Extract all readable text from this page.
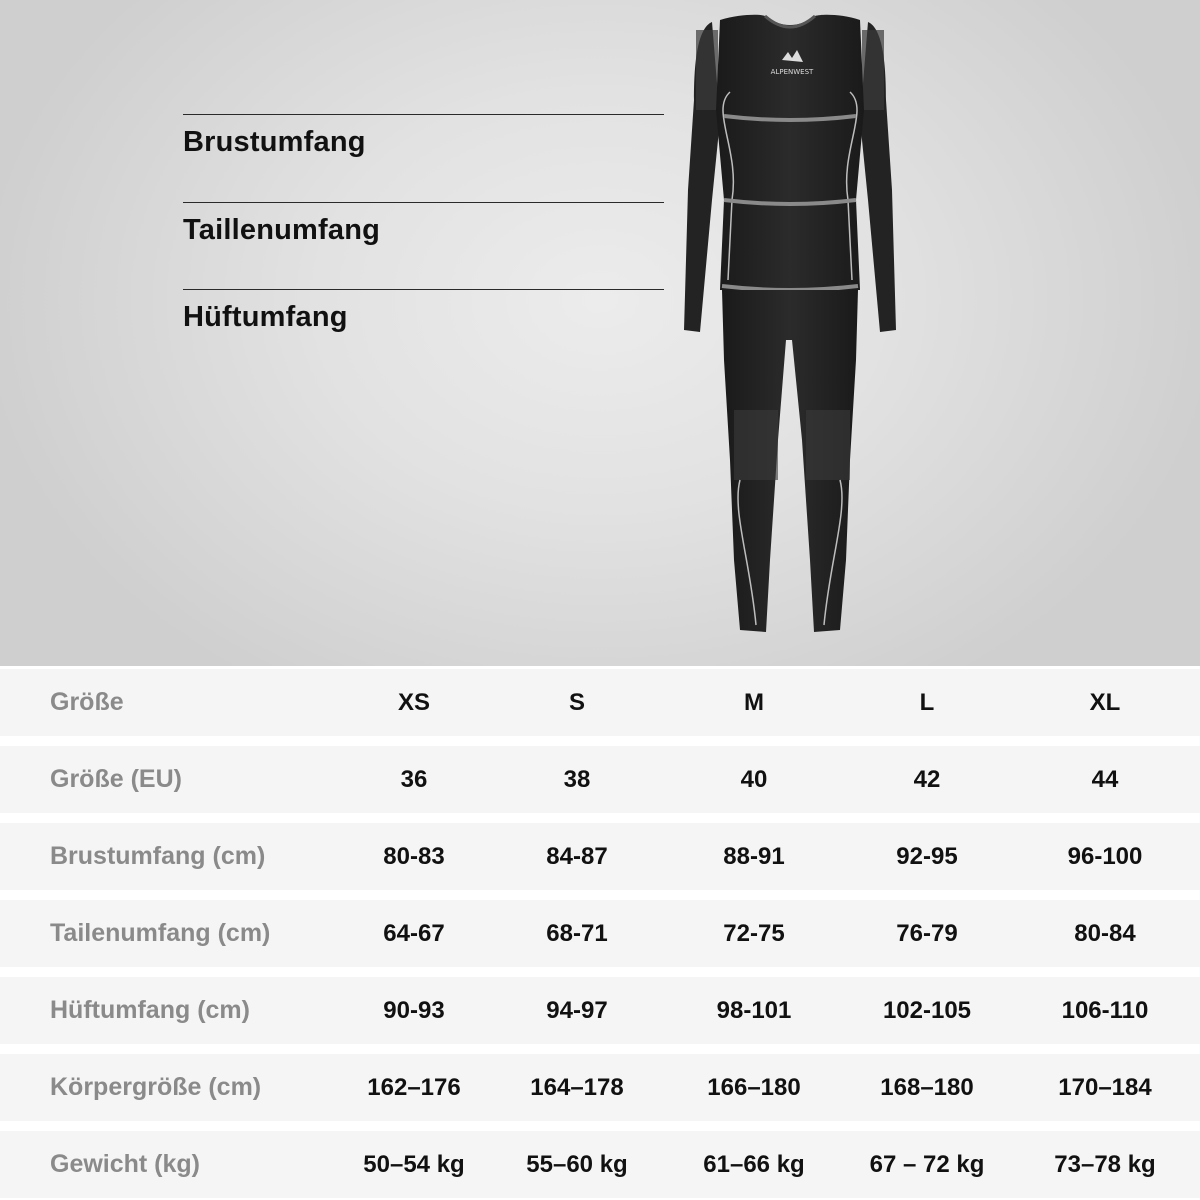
Brustumfang
Taillenumfang
Hüftumfang
ALPENWEST
Größe	XS	S	M	L	XL
Größe (EU)	36	38	40	42	44
Brustumfang (cm)	80-83	84-87	88-91	92-95	96-100
Tailenumfang (cm)	64-67	68-71	72-75	76-79	80-84
Hüftumfang (cm)	90-93	94-97	98-101	102-105	106-110
Körpergröße (cm)	162–176	164–178	166–180	168–180	170–184
Gewicht (kg)	50–54 kg	55–60 kg	61–66 kg	67 – 72 kg	73–78 kg
